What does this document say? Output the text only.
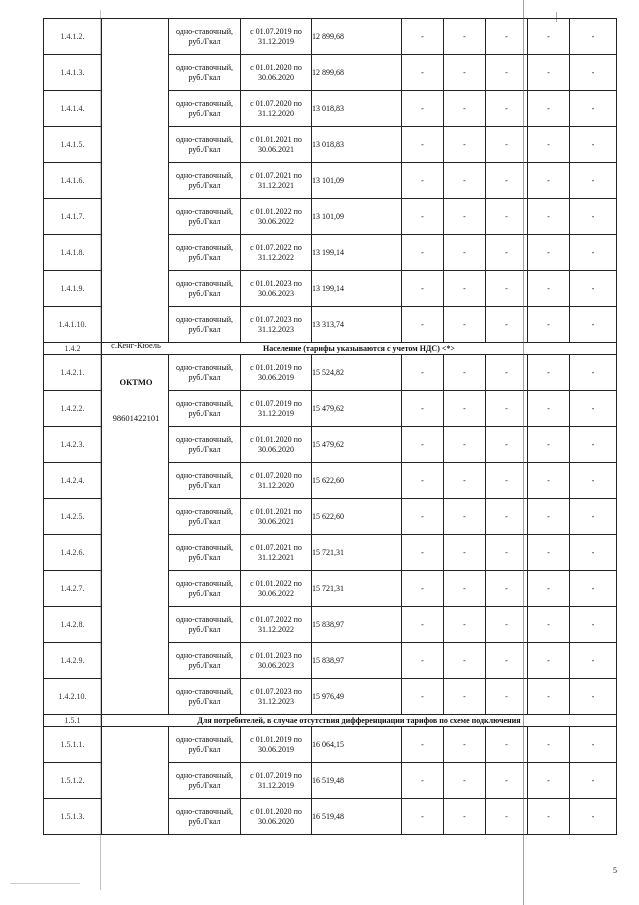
1.4.1.2.		одно-ставочный, руб./Гкал	с 01.07.2019 по 31.12.2019	12 899,68	-	-	-	-	-
1.4.1.3.		одно-ставочный, руб./Гкал	с 01.01.2020 по 30.06.2020	12 899,68	-	-	-	-	-
1.4.1.4.		одно-ставочный, руб./Гкал	с 01.07.2020 по 31.12.2020	13 018,83	-	-	-	-	-
1.4.1.5.		одно-ставочный, руб./Гкал	с 01.01.2021 по 30.06.2021	13 018,83	-	-	-	-	-
1.4.1.6.		одно-ставочный, руб./Гкал	с 01.07.2021 по 31.12.2021	13 101,09	-	-	-	-	-
1.4.1.7.		одно-ставочный, руб./Гкал	с 01.01.2022 по 30.06.2022	13 101,09	-	-	-	-	-
1.4.1.8.		одно-ставочный, руб./Гкал	с 01.07.2022 по 31.12.2022	13 199,14	-	-	-	-	-
1.4.1.9.		одно-ставочный, руб./Гкал	с 01.01.2023 по 30.06.2023	13 199,14	-	-	-	-	-
1.4.1.10.		одно-ставочный, руб./Гкал	с 01.07.2023 по 31.12.2023	13 313,74	-	-	-	-	-
1.4.2	Население (тарифы указываются с учетом НДС) <*>								
1.4.2.1.		одно-ставочный, руб./Гкал	с 01.01.2019 по 30.06.2019	15 524,82	-	-	-	-	-
1.4.2.2.		одно-ставочный, руб./Гкал	с 01.07.2019 по 31.12.2019	15 479,62	-	-	-	-	-
1.4.2.3.		одно-ставочный, руб./Гкал	с 01.01.2020 по 30.06.2020	15 479,62	-	-	-	-	-
1.4.2.4.		одно-ставочный, руб./Гкал	с 01.07.2020 по 31.12.2020	15 622,60	-	-	-	-	-
1.4.2.5.		одно-ставочный, руб./Гкал	с 01.01.2021 по 30.06.2021	15 622,60	-	-	-	-	-
1.4.2.6.		одно-ставочный, руб./Гкал	с 01.07.2021 по 31.12.2021	15 721,31	-	-	-	-	-
1.4.2.7.		одно-ставочный, руб./Гкал	с 01.01.2022 по 30.06.2022	15 721,31	-	-	-	-	-
1.4.2.8.		одно-ставочный, руб./Гкал	с 01.07.2022 по 31.12.2022	15 838,97	-	-	-	-	-
1.4.2.9.		одно-ставочный, руб./Гкал	с 01.01.2023 по 30.06.2023	15 838,97	-	-	-	-	-
1.4.2.10.		одно-ставочный, руб./Гкал	с 01.07.2023 по 31.12.2023	15 976,49	-	-	-	-	-
1.5.1	Для потребителей, в случае отсутствия дифференциации тарифов по схеме подключения								
1.5.1.1.		одно-ставочный, руб./Гкал	с 01.01.2019 по 30.06.2019	16 064,15	-	-	-	-	-
1.5.1.2.		одно-ставочный, руб./Гкал	с 01.07.2019 по 31.12.2019	16 519,48	-	-	-	-	-
1.5.1.3.		одно-ставочный, руб./Гкал	с 01.01.2020 по 30.06.2020	16 519,48	-	-	-	-	-
с.Кенг-Кюель
ОКТМО
98601422101
5
